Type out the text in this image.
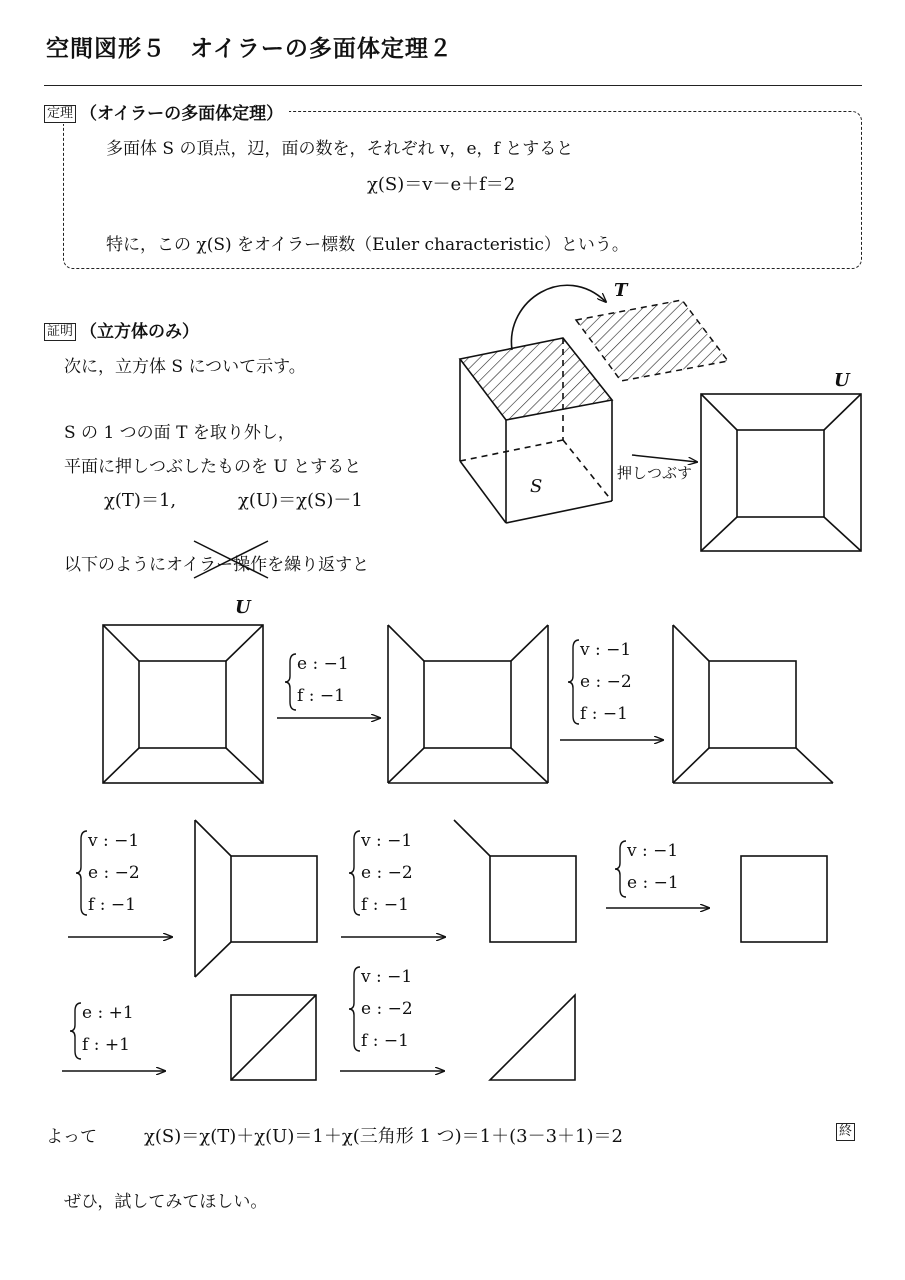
空間図形５　オイラーの多面体定理２
定理 （オイラーの多面体定理）
多面体 S の頂点，辺，面の数を，それぞれ v，e，f とすると
χ(S)＝v－e＋f＝2
特に，この χ(S) をオイラー標数（Euler characteristic）という。
証明 （立方体のみ）
次に，立方体 S について示す。
S の 1 つの面 T を取り外し，
平面に押しつぶしたものを U とすると
χ(T)＝1,	χ(U)＝χ(S)－1
以下のようにオイラー操作を繰り返すと
T
U
S
押しつぶす
U
e : −1
f : −1
v : −1
e : −2
f : −1
v : −1
e : −2
f : −1
v : −1
e : −2
f : −1
v : −1
e : −1
e : +1
f : +1
v : −1
e : −2
f : −1
よって	χ(S)＝χ(T)＋χ(U)＝1＋χ(三角形 1 つ)＝1＋(3－3＋1)＝2	終
ぜひ，試してみてほしい。
